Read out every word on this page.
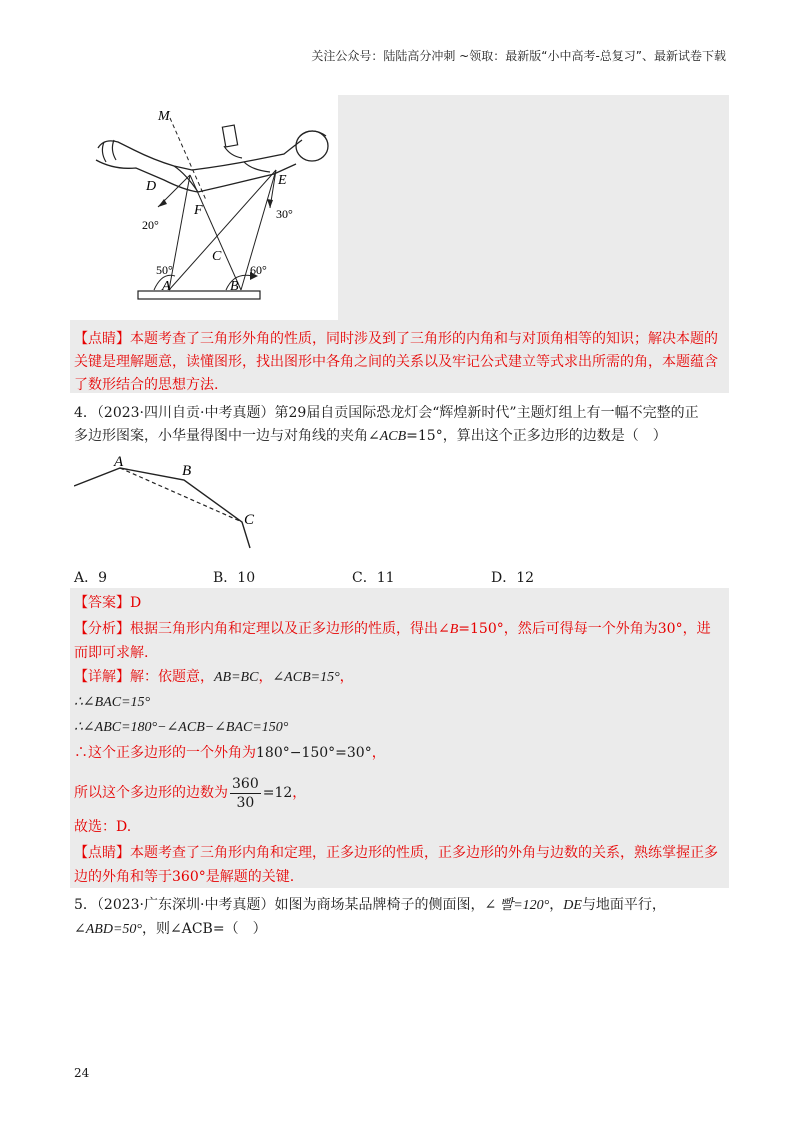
关注公众号：陆陆高分冲刺 ~领取：最新版“小中高考-总复习”、最新试卷下载
M
D	E
F
C
A	B
20°
30°
50°	60°
【点睛】本题考查了三角形外角的性质，同时涉及到了三角形的内角和与对顶角相等的知识；解决本题的
关键是理解题意，读懂图形，找出图形中各角之间的关系以及牢记公式建立等式求出所需的角，本题蕴含
了数形结合的思想方法.
4．（2023·四川自贡·中考真题）第29届自贡国际恐龙灯会“辉煌新时代”主题灯组上有一幅不完整的正
多边形图案，小华量得图中一边与对角线的夹角∠ACB=15°，算出这个正多边形的边数是（　）
A
B
C
A．9	B．10	C．11	D．12
【答案】D
【分析】根据三角形内角和定理以及正多边形的性质，得出∠B=150°，然后可得每一个外角为30°，进
而即可求解.
【详解】解：依题意，AB=BC，∠ACB=15°，
∴∠BAC=15°
∴∠ABC=180°−∠ACB−∠BAC=150°
∴这个正多边形的一个外角为180°−150°=30°，
所以这个多边形的边数为 $\frac{360}{30} =12$，
故选：D.
【点睛】本题考查了三角形内角和定理，正多边形的性质，正多边形的外角与边数的关系，熟练掌握正多
边的外角和等于360°是解题的关键.
5．（2023·广东深圳·中考真题）如图为商场某品牌椅子的侧面图，∠ 빨=120°，DE与地面平行，
∠ABD=50°，则∠ACB=（　）
24
